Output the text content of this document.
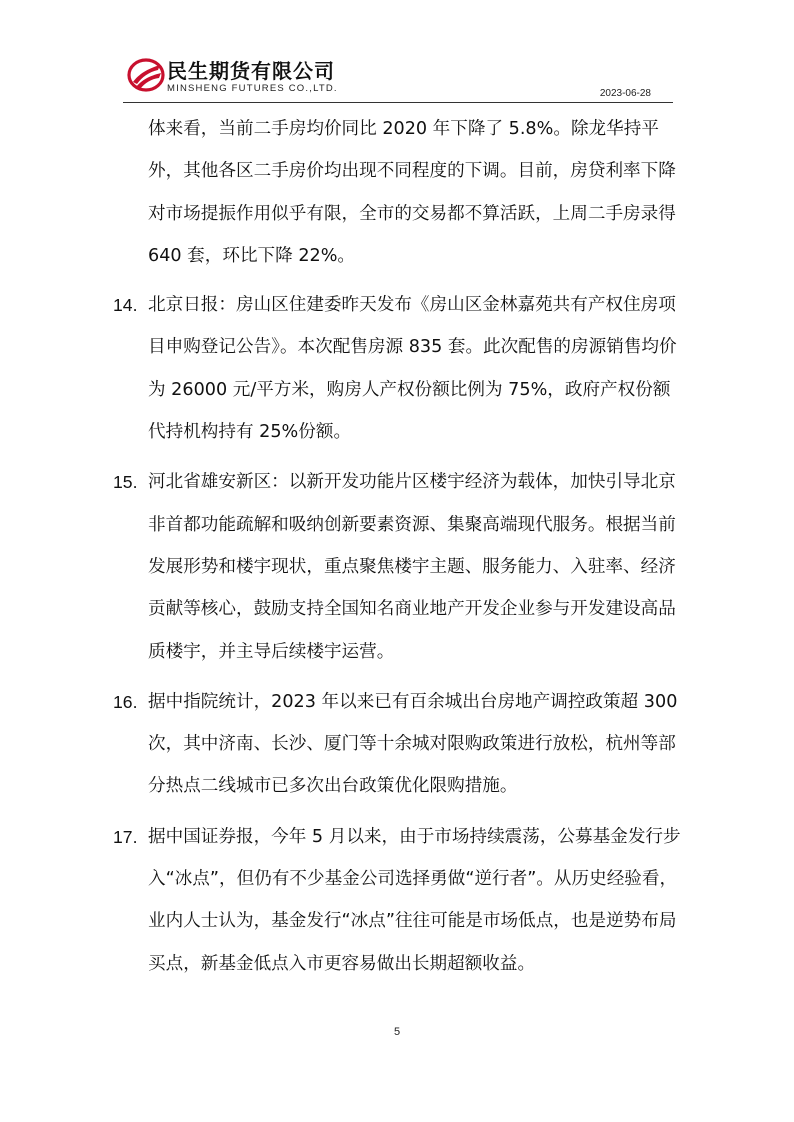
民生期货有限公司
MINSHENG FUTURES CO.,LTD.	2023-06-28

体来看，当前二手房均价同比 2020 年下降了 5.8%。除龙华持平外，其他各区二手房价均出现不同程度的下调。目前，房贷利率下降对市场提振作用似乎有限，全市的交易都不算活跃，上周二手房录得 640 套，环比下降 22%。

14. 北京日报：房山区住建委昨天发布《房山区金林嘉苑共有产权住房项目申购登记公告》。本次配售房源 835 套。此次配售的房源销售均价为 26000 元/平方米，购房人产权份额比例为 75%，政府产权份额代持机构持有 25%份额。
15. 河北省雄安新区：以新开发功能片区楼宇经济为载体，加快引导北京非首都功能疏解和吸纳创新要素资源、集聚高端现代服务。根据当前发展形势和楼宇现状，重点聚焦楼宇主题、服务能力、入驻率、经济贡献等核心，鼓励支持全国知名商业地产开发企业参与开发建设高品质楼宇，并主导后续楼宇运营。
16. 据中指院统计，2023 年以来已有百余城出台房地产调控政策超 300 次，其中济南、长沙、厦门等十余城对限购政策进行放松，杭州等部分热点二线城市已多次出台政策优化限购措施。
17. 据中国证券报，今年 5 月以来，由于市场持续震荡，公募基金发行步入“冰点”，但仍有不少基金公司选择勇做“逆行者”。从历史经验看，业内人士认为，基金发行“冰点”往往可能是市场低点，也是逆势布局买点，新基金低点入市更容易做出长期超额收益。
5
